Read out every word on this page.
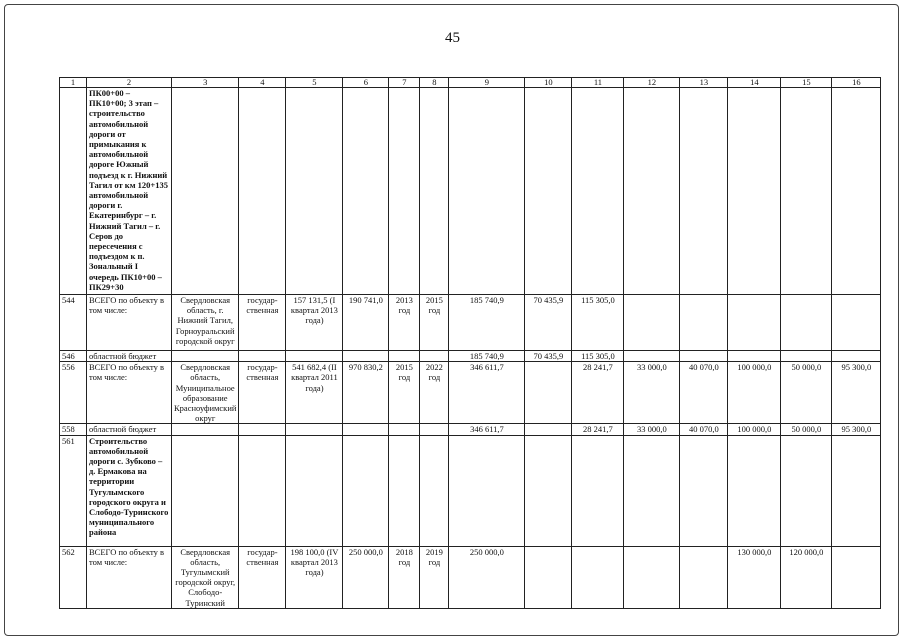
45
1	2	3	4	5	6	7	8	9	10	11	12	13	14	15	16
	ПК00+00 – ПК10+00; 3 этап – строительство автомобильной дороги от примыкания к автомобильной дороге Южный подъезд к г. Нижний Тагил от км 120+135 автомобильной дороги г. Екатеринбург – г. Нижний Тагил – г. Серов до пересечения с подъездом к п. Зональный I очередь ПК10+00 – ПК29+30														
544	ВСЕГО по объекту в том числе:	Свердловская область, г. Нижний Тагил, Горноуральский городской округ	государ-ственная	157 131,5 (I квартал 2013 года)	190 741,0	2013 год	2015 год	185 740,9	70 435,9	115 305,0					
546	областной бюджет							185 740,9	70 435,9	115 305,0					
556	ВСЕГО по объекту в том числе:	Свердловская область, Муниципальное образование Красноуфимский округ	государ-ственная	541 682,4 (II квартал 2011 года)	970 830,2	2015 год	2022 год	346 611,7		28 241,7	33 000,0	40 070,0	100 000,0	50 000,0	95 300,0
558	областной бюджет							346 611,7		28 241,7	33 000,0	40 070,0	100 000,0	50 000,0	95 300,0
561	Строительство автомобильной дороги с. Зубково – д. Ермакова на территории Тугулымского городского округа и Слободо-Туринского муниципального района														
562	ВСЕГО по объекту в том числе:	Свердловская область, Тугулымский городской округ, Слободо-Туринский	государ-ственная	198 100,0 (IV квартал 2013 года)	250 000,0	2018 год	2019 год	250 000,0					130 000,0	120 000,0	
